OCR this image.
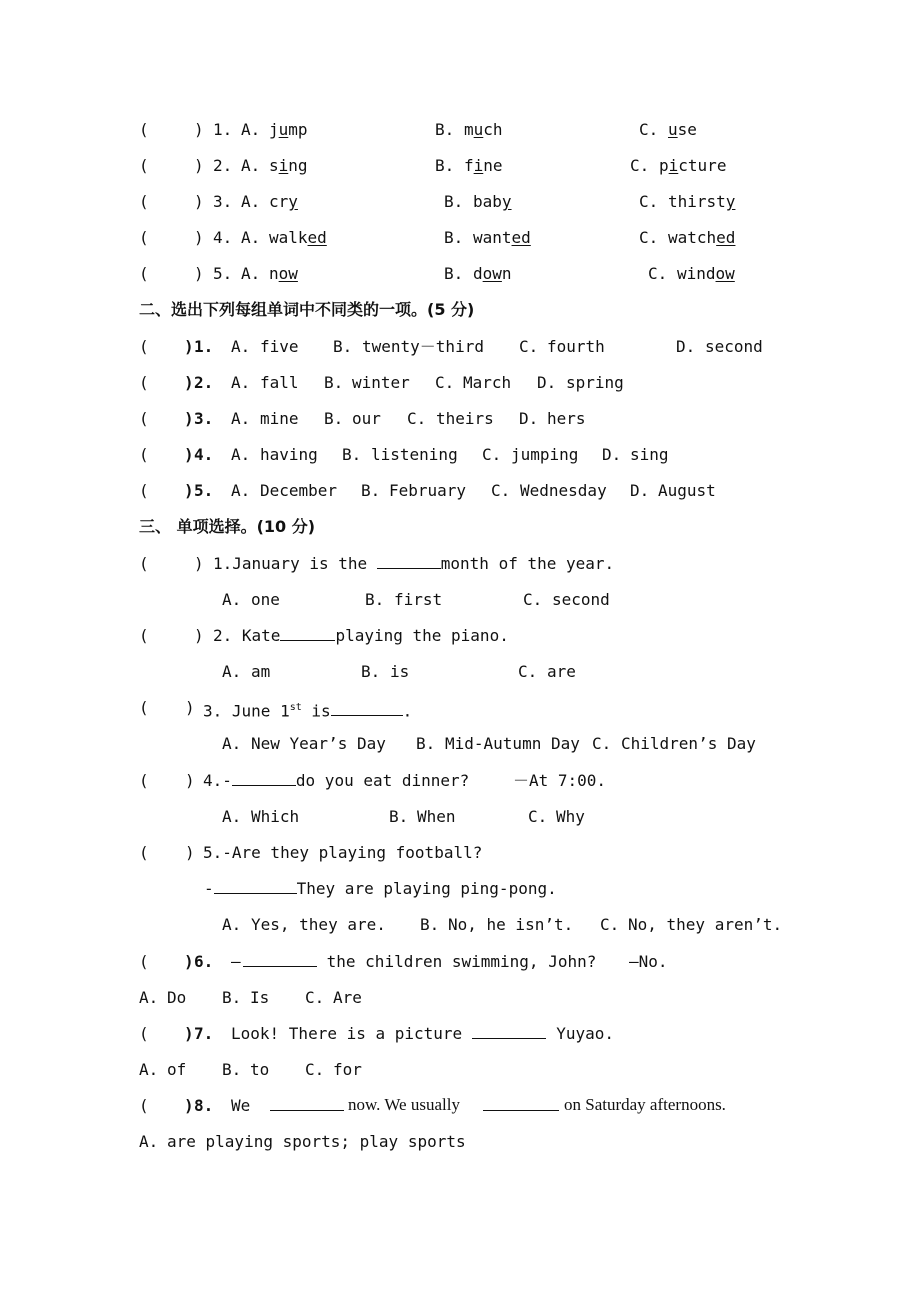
(	) 1. A. jump	B. much	C. use
(	) 2. A. sing	B. fine	C. picture
(	) 3. A. cry	B. baby	C. thirsty
(	) 4. A. walked	B. wanted	C. watched
(	) 5. A. now	B. down	C. window
二、选出下列每组单词中不同类的一项。(5 分)
( ) 1. A. five B. twenty－third C. fourth	D. second
( ) 2. A. fall B. winter C. March D. spring
( ) 3. A. mine B. our C. theirs D. hers
( ) 4. A. having B. listening C. jumping D. sing
( ) 5. A. December B. February C. Wednesday D. August
三、 单项选择。(10 分)
(	) 1.January is the	month of the year.
A. one	B. first	C. second
(	) 2. Kate	playing the piano.
A. am	B. is	C. are
( ) 3. June 1st is	.
A. New Year’s Day B. Mid-Autumn Day C. Children’s Day
( ) 4.-	do you eat dinner?	－At 7:00.
A. Which	B. When	C. Why
( ) 5.-Are they playing football?
-	They are playing ping-pong.
A. Yes, they are. B. No, he isn’t. C. No, they aren’t.
( ) 6. —	the children swimming, John? —No.
A. Do B. Is C. Are
( ) 7. Look! There is a picture	Yuyao.
A. of B. to C. for
( ) 8. We	now. We usually	on Saturday afternoons.
A. are playing sports; play sports
